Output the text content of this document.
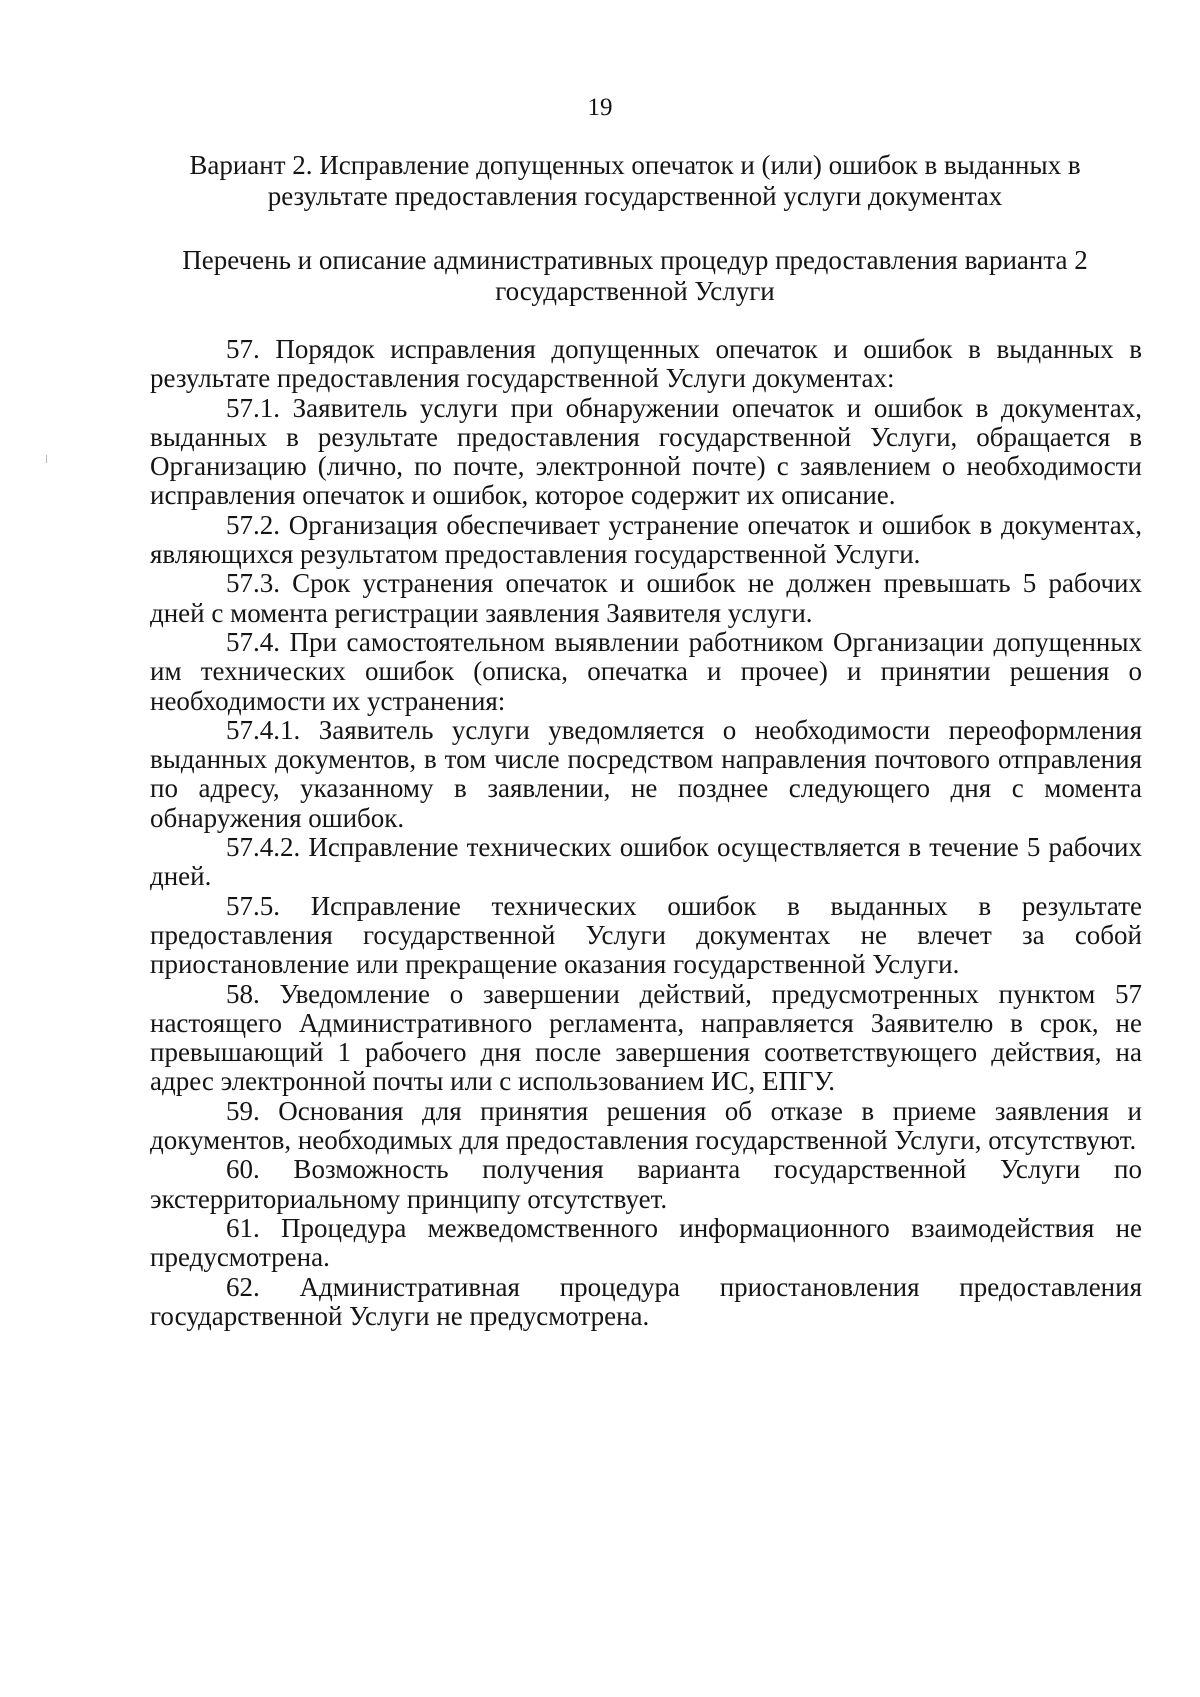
19
Вариант 2. Исправление допущенных опечаток и (или) ошибок в выданных в результате предоставления государственной услуги документах
Перечень и описание административных процедур предоставления варианта 2 государственной Услуги

57. Порядок исправления допущенных опечаток и ошибок в выданных в результате предоставления государственной Услуги документах:

57.1. Заявитель услуги при обнаружении опечаток и ошибок в документах, выданных в результате предоставления государственной Услуги, обращается в Организацию (лично, по почте, электронной почте) с заявлением о необходимости исправления опечаток и ошибок, которое содержит их описание.

57.2. Организация обеспечивает устранение опечаток и ошибок в документах, являющихся результатом предоставления государственной Услуги.

57.3. Срок устранения опечаток и ошибок не должен превышать 5 рабочих дней с момента регистрации заявления Заявителя услуги.

57.4. При самостоятельном выявлении работником Организации допущенных им технических ошибок (описка, опечатка и прочее) и принятии решения о необходимости их устранения:

57.4.1. Заявитель услуги уведомляется о необходимости переоформления выданных документов, в том числе посредством направления почтового отправления по адресу, указанному в заявлении, не позднее следующего дня с момента обнаружения ошибок.

57.4.2. Исправление технических ошибок осуществляется в течение 5 рабочих дней.

57.5. Исправление технических ошибок в выданных в результате предоставления государственной Услуги документах не влечет за собой приостановление или прекращение оказания государственной Услуги.

58. Уведомление о завершении действий, предусмотренных пунктом 57 настоящего Административного регламента, направляется Заявителю в срок, не превышающий 1 рабочего дня после завершения соответствующего действия, на адрес электронной почты или с использованием ИС, ЕПГУ.

59. Основания для принятия решения об отказе в приеме заявления и документов, необходимых для предоставления государственной Услуги, отсутствуют.

60. Возможность получения варианта государственной Услуги по экстерриториальному принципу отсутствует.

61. Процедура межведомственного информационного взаимодействия не предусмотрена.

62. Административная процедура приостановления предоставления государственной Услуги не предусмотрена.
